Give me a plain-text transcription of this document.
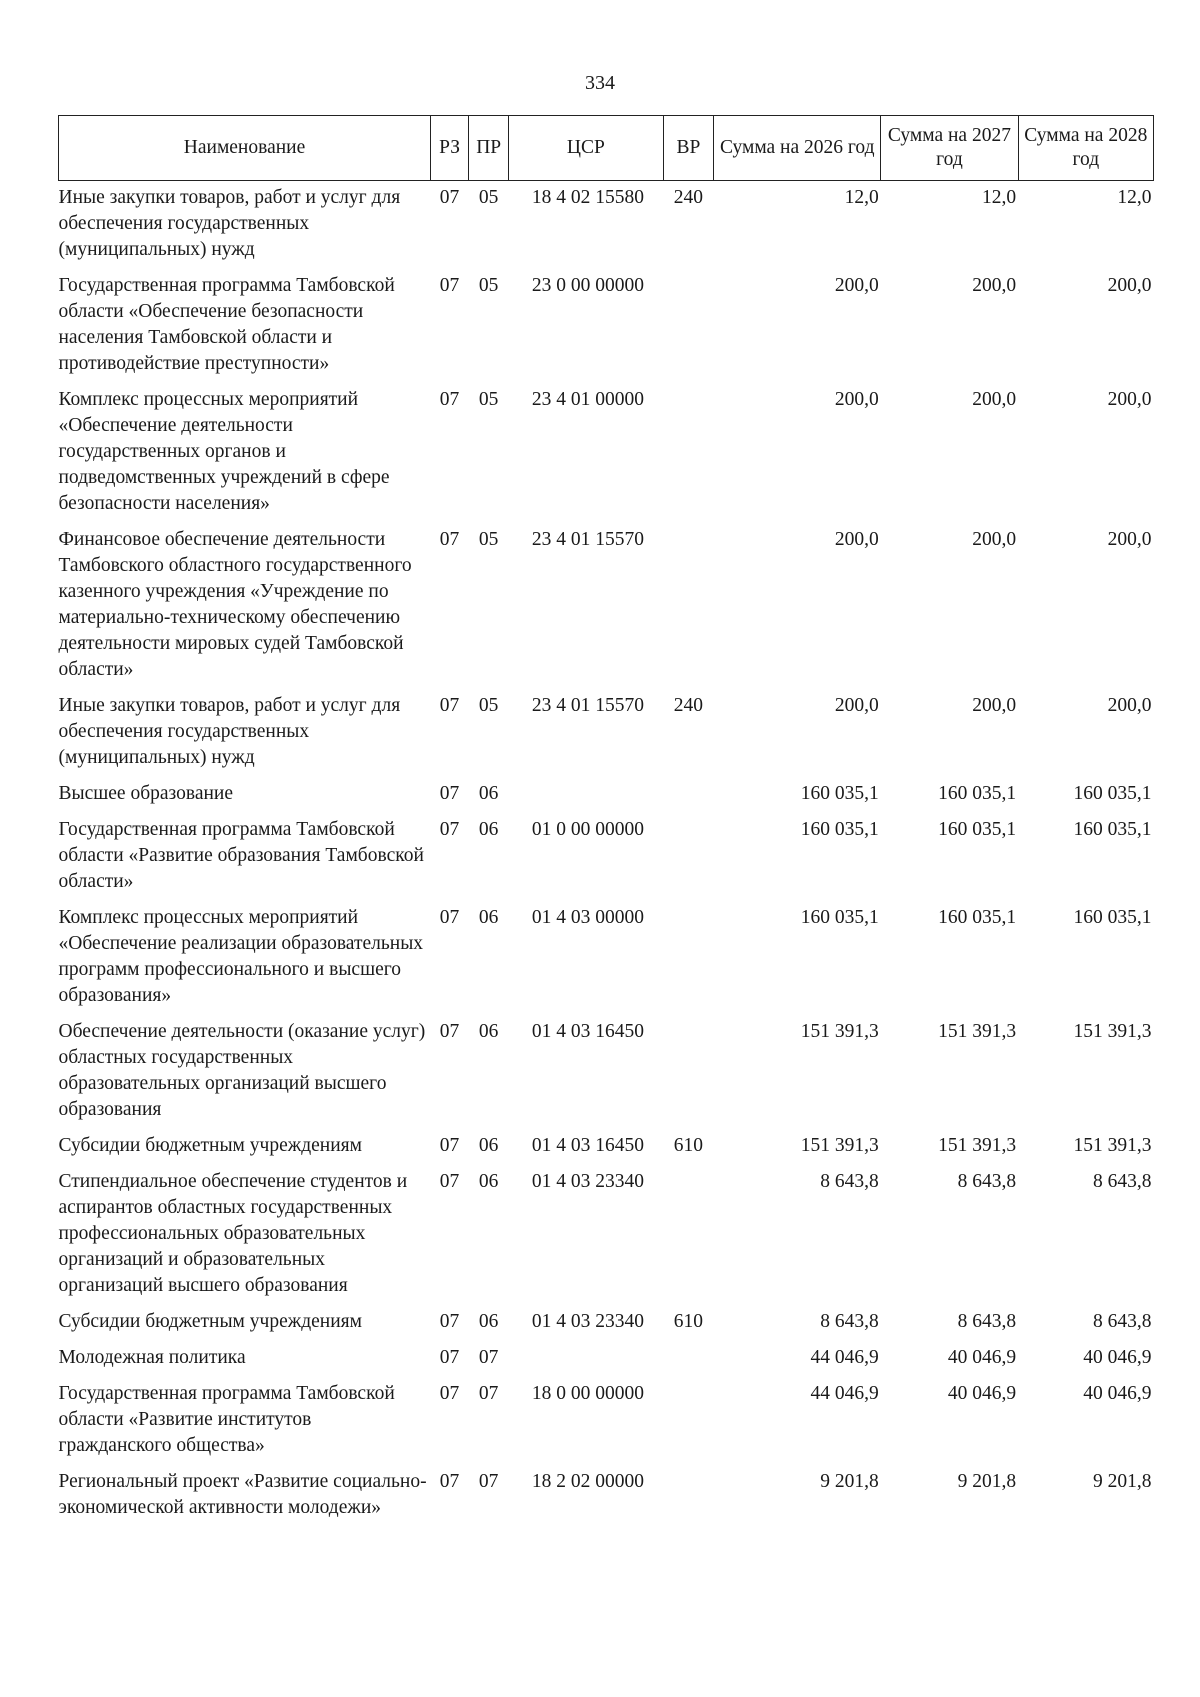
334
Наименование	РЗ	ПР	ЦСР	ВР	Сумма на 2026 год	Сумма на 2027 год	Сумма на 2028 год
Иные закупки товаров, работ и услуг для обеспечения государственных (муниципальных) нужд	07	05	18 4 02 15580	240	12,0	12,0	12,0
Государственная программа Тамбовской области «Обеспечение безопасности населения Тамбовской области и противодействие преступности»	07	05	23 0 00 00000		200,0	200,0	200,0
Комплекс процессных мероприятий «Обеспечение деятельности государственных органов и подведомственных учреждений в сфере безопасности населения»	07	05	23 4 01 00000		200,0	200,0	200,0
Финансовое обеспечение деятельности Тамбовского областного государственного казенного учреждения «Учреждение по материально-техническому обеспечению деятельности мировых судей Тамбовской области»	07	05	23 4 01 15570		200,0	200,0	200,0
Иные закупки товаров, работ и услуг для обеспечения государственных (муниципальных) нужд	07	05	23 4 01 15570	240	200,0	200,0	200,0
Высшее образование	07	06			160 035,1	160 035,1	160 035,1
Государственная программа Тамбовской области «Развитие образования Тамбовской области»	07	06	01 0 00 00000		160 035,1	160 035,1	160 035,1
Комплекс процессных мероприятий «Обеспечение реализации образовательных программ профессионального и высшего образования»	07	06	01 4 03 00000		160 035,1	160 035,1	160 035,1
Обеспечение деятельности (оказание услуг) областных государственных образовательных организаций высшего образования	07	06	01 4 03 16450		151 391,3	151 391,3	151 391,3
Субсидии бюджетным учреждениям	07	06	01 4 03 16450	610	151 391,3	151 391,3	151 391,3
Стипендиальное обеспечение студентов и аспирантов областных государственных профессиональных образовательных организаций и образовательных организаций высшего образования	07	06	01 4 03 23340		8 643,8	8 643,8	8 643,8
Субсидии бюджетным учреждениям	07	06	01 4 03 23340	610	8 643,8	8 643,8	8 643,8
Молодежная политика	07	07			44 046,9	40 046,9	40 046,9
Государственная программа Тамбовской области «Развитие институтов гражданского общества»	07	07	18 0 00 00000		44 046,9	40 046,9	40 046,9
Региональный проект «Развитие социально-экономической активности молодежи»	07	07	18 2 02 00000		9 201,8	9 201,8	9 201,8
